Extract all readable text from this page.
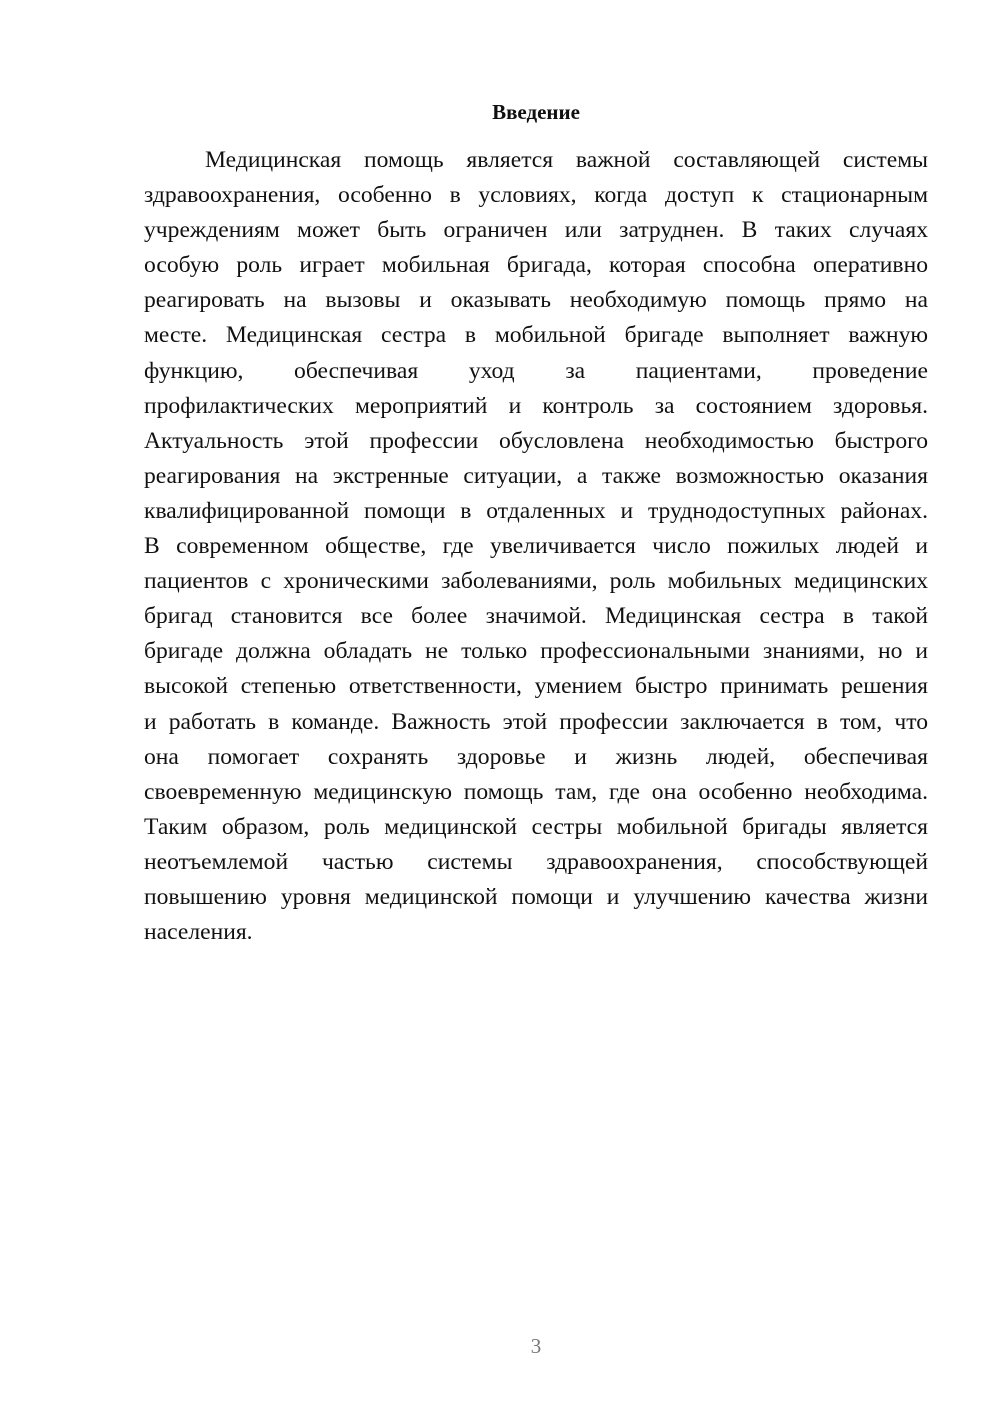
Введение
Медицинская помощь является важной составляющей системы
здравоохранения, особенно в условиях, когда доступ к стационарным
учреждениям может быть ограничен или затруднен. В таких случаях
особую роль играет мобильная бригада, которая способна оперативно
реагировать на вызовы и оказывать необходимую помощь прямо на
месте. Медицинская сестра в мобильной бригаде выполняет важную
функцию, обеспечивая уход за пациентами, проведение
профилактических мероприятий и контроль за состоянием здоровья.
Актуальность этой профессии обусловлена необходимостью быстрого
реагирования на экстренные ситуации, а также возможностью оказания
квалифицированной помощи в отдаленных и труднодоступных районах.
В современном обществе, где увеличивается число пожилых людей и
пациентов с хроническими заболеваниями, роль мобильных медицинских
бригад становится все более значимой. Медицинская сестра в такой
бригаде должна обладать не только профессиональными знаниями, но и
высокой степенью ответственности, умением быстро принимать решения
и работать в команде. Важность этой профессии заключается в том, что
она помогает сохранять здоровье и жизнь людей, обеспечивая
своевременную медицинскую помощь там, где она особенно необходима.
Таким образом, роль медицинской сестры мобильной бригады является
неотъемлемой частью системы здравоохранения, способствующей
повышению уровня медицинской помощи и улучшению качества жизни
населения.
3
